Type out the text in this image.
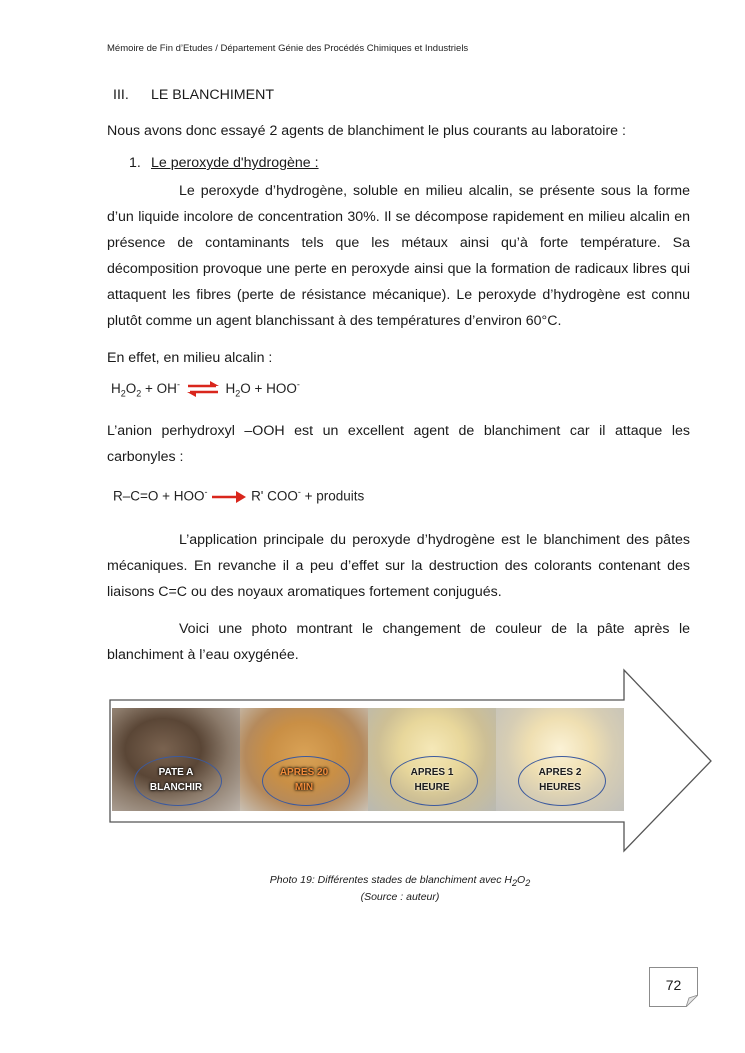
Mémoire de Fin d’Etudes / Département Génie des Procédés Chimiques et Industriels
III. LE BLANCHIMENT
Nous avons donc essayé 2 agents de blanchiment le plus courants au laboratoire :
1. Le peroxyde d'hydrogène :
Le peroxyde d’hydrogène, soluble en milieu alcalin, se présente sous la forme d’un liquide incolore de concentration 30%. Il se décompose rapidement en milieu alcalin en présence de contaminants tels que les métaux ainsi qu’à forte température. Sa décomposition provoque une perte en peroxyde ainsi que la formation de radicaux libres qui attaquent les fibres (perte de résistance mécanique). Le peroxyde d’hydrogène est connu plutôt comme un agent blanchissant à des températures d’environ 60°C.
En effet, en milieu alcalin :
$H_2O_2 + OH^-$ ⇌ $H_2O + HOO^-$
L’anion perhydroxyl –OOH est un excellent agent de blanchiment car il attaque les carbonyles :
R–C=O + HOO- → R' COO- + produits
L’application principale du peroxyde d’hydrogène est le blanchiment des pâtes mécaniques. En revanche il a peu d’effet sur la destruction des colorants contenant des liaisons C=C ou des noyaux aromatiques fortement conjugués.
Voici une photo montrant le changement de couleur de la pâte après le blanchiment à l’eau oxygénée.
PATE A
BLANCHIR
APRES 20
MIN
APRES 1
HEURE
APRES 2
HEURES
Photo 19: Différentes stades de blanchiment avec $H_2O_2$
(Source : auteur)
72
